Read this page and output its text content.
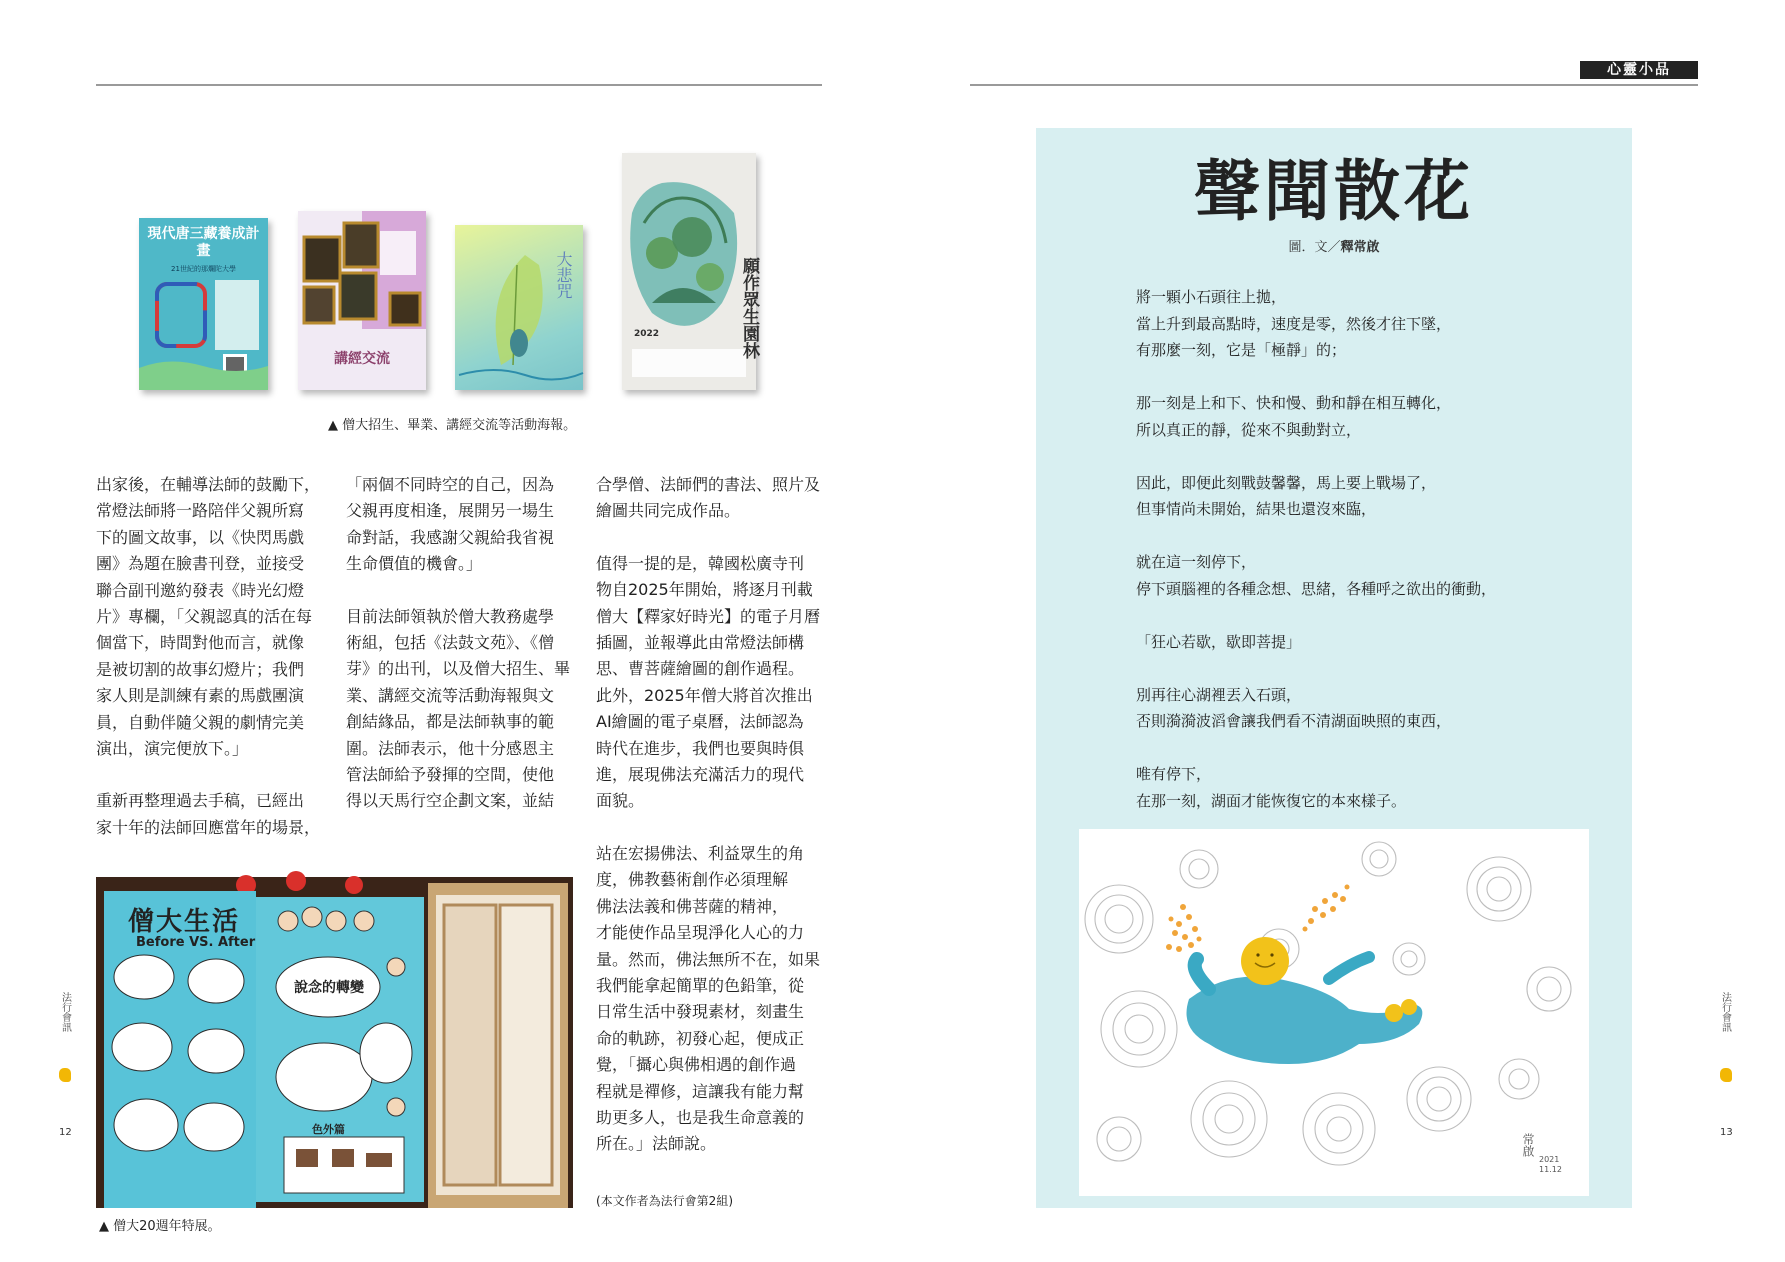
心靈小品
法行會訊
12
法行會訊
13
現代唐三藏養成計畫
21世紀的那爛陀大學
講經交流
大悲咒	願作眾生園林
2022
▲ 僧大招生、畢業、講經交流等活動海報。

出家後，在輔導法師的鼓勵下，
常燈法師將一路陪伴父親所寫
下的圖文故事，以《快閃馬戲
團》為題在臉書刊登，並接受
聯合副刊邀約發表《時光幻燈
片》專欄，「父親認真的活在每
個當下，時間對他而言，就像
是被切割的故事幻燈片；我們
家人則是訓練有素的馬戲團演
員，自動伴隨父親的劇情完美
演出，演完便放下。」

重新再整理過去手稿，已經出
家十年的法師回應當年的場景，

「兩個不同時空的自己，因為
父親再度相逢，展開另一場生
命對話，我感謝父親給我省視
生命價值的機會。」

目前法師領執於僧大教務處學
術組，包括《法鼓文苑》、《僧
芽》的出刊，以及僧大招生、畢
業、講經交流等活動海報與文
創結緣品，都是法師執事的範
圍。法師表示，他十分感恩主
管法師給予發揮的空間，使他
得以天馬行空企劃文案，並結

合學僧、法師們的書法、照片及
繪圖共同完成作品。

值得一提的是，韓國松廣寺刊
物自2025年開始，將逐月刊載
僧大【釋家好時光】的電子月曆
插圖，並報導此由常燈法師構
思、曹菩薩繪圖的創作過程。
此外，2025年僧大將首次推出
AI繪圖的電子桌曆，法師認為
時代在進步，我們也要與時俱
進，展現佛法充滿活力的現代
面貌。

站在宏揚佛法、利益眾生的角
度，佛教藝術創作必須理解
佛法法義和佛菩薩的精神，
才能使作品呈現淨化人心的力
量。然而，佛法無所不在，如果
我們能拿起簡單的色鉛筆，從
日常生活中發現素材，刻畫生
命的軌跡，初發心起，便成正
覺，「攝心與佛相遇的創作過
程就是禪修，這讓我有能力幫
助更多人，也是我生命意義的
所在。」法師說。

(本文作者為法行會第2組)
僧大生活
Before VS. After
說念的轉變
色外篇
▲ 僧大20週年特展。
聲聞散花
圖．文／釋常啟
將一顆小石頭往上拋，
當上升到最高點時，速度是零，然後才往下墜，
有那麼一刻，它是「極靜」的；
那一刻是上和下、快和慢、動和靜在相互轉化，
所以真正的靜，從來不與動對立，
因此，即便此刻戰鼓馨馨，馬上要上戰場了，
但事情尚未開始，結果也還沒來臨，
就在這一刻停下，
停下頭腦裡的各種念想、思緒，各種呼之欲出的衝動，
「狂心若歇，歇即菩提」
別再往心湖裡丟入石頭，
否則漪漪波滔會讓我們看不清湖面映照的東西，
唯有停下，
在那一刻，湖面才能恢復它的本來樣子。
常啟
2021 11.12
